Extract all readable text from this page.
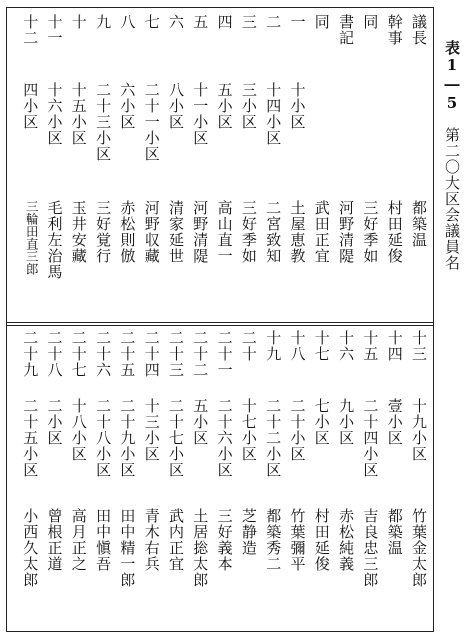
表1―5第二〇大区会議員名
議長
都築温
幹事
村田延俊
同
三好季如
書記
河野清隄
同
武田正宜
一
十小区
土屋恵教
二
十四小区
二宮致知
三
三小区
三好季如
四
五小区
高山直一
五
十一小区
河野清隄
六
八小区
清家延世
七
二十一小区
河野収藏
八
六小区
赤松則倣
九
二十三小区
三好覚行
十
十五小区
玉井安藏
十一
十六小区
毛利左治馬
十二
四小区
三輪田直三郎
十三
十九小区
竹葉金太郎
十四
壹小区
都築温
十五
二十四小区
吉良忠三郎
十六
九小区
赤松純義
十七
七小区
村田延俊
十八
二十小区
竹葉彌平
十九
二十二小区
都築秀二
二十
十七小区
芝静造
二十一
二十六小区
三好義本
二十二
五小区
土居捴太郎
二十三
二十七小区
武内正宜
二十四
十三小区
青木右兵
二十五
二十九小区
田中精一郎
二十六
二十八小区
田中愼吾
二十七
十八小区
高月正之
二十八
二小区
曾根正道
二十九
二十五小区
小西久太郎
